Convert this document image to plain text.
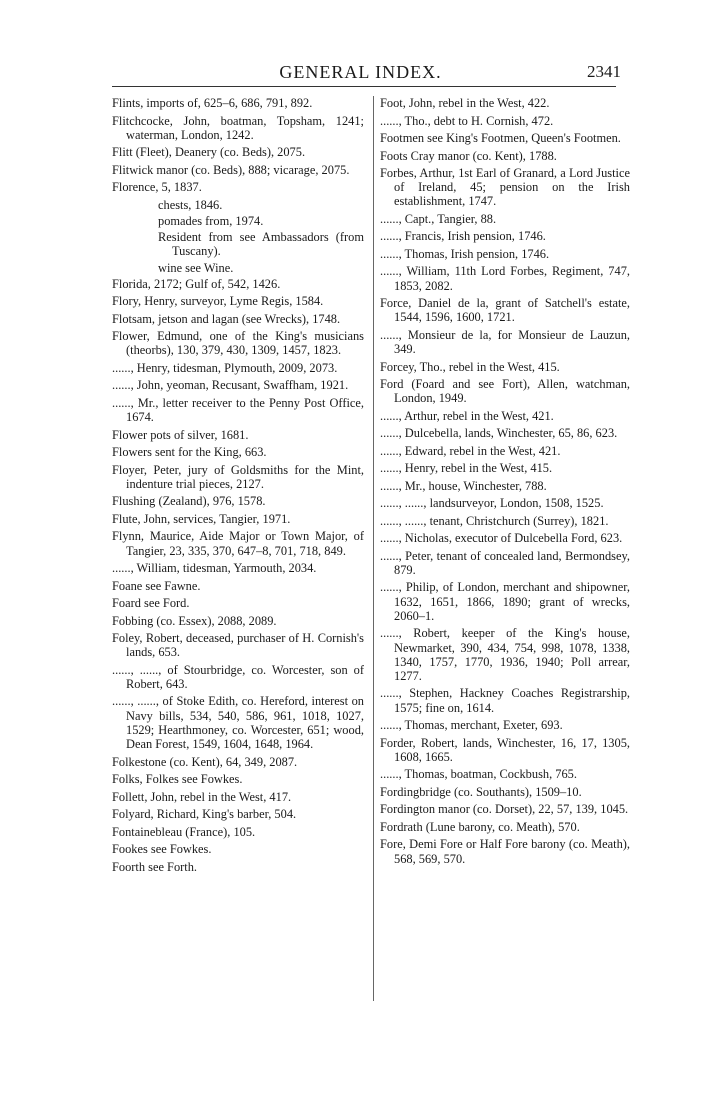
GENERAL INDEX.	2341
Flints, imports of, 625–6, 686, 791, 892.
Flitchcocke, John, boatman, Topsham, 1241; waterman, London, 1242.
Flitt (Fleet), Deanery (co. Beds), 2075.
Flitwick manor (co. Beds), 888; vicarage, 2075.
Florence, 5, 1837.
chests, 1846.
pomades from, 1974.
Resident from see Ambassadors (from Tuscany).
wine see Wine.
Florida, 2172; Gulf of, 542, 1426.
Flory, Henry, surveyor, Lyme Regis, 1584.
Flotsam, jetson and lagan (see Wrecks), 1748.
Flower, Edmund, one of the King's musicians (theorbs), 130, 379, 430, 1309, 1457, 1823.
......, Henry, tidesman, Plymouth, 2009, 2073.
......, John, yeoman, Recusant, Swaffham, 1921.
......, Mr., letter receiver to the Penny Post Office, 1674.
Flower pots of silver, 1681.
Flowers sent for the King, 663.
Floyer, Peter, jury of Goldsmiths for the Mint, indenture trial pieces, 2127.
Flushing (Zealand), 976, 1578.
Flute, John, services, Tangier, 1971.
Flynn, Maurice, Aide Major or Town Major, of Tangier, 23, 335, 370, 647–8, 701, 718, 849.
......, William, tidesman, Yarmouth, 2034.
Foane see Fawne.
Foard see Ford.
Fobbing (co. Essex), 2088, 2089.
Foley, Robert, deceased, purchaser of H. Cornish's lands, 653.
......, ......, of Stourbridge, co. Worcester, son of Robert, 643.
......, ......, of Stoke Edith, co. Hereford, interest on Navy bills, 534, 540, 586, 961, 1018, 1027, 1529; Hearthmoney, co. Worcester, 651; wood, Dean Forest, 1549, 1604, 1648, 1964.
Folkestone (co. Kent), 64, 349, 2087.
Folks, Folkes see Fowkes.
Follett, John, rebel in the West, 417.
Folyard, Richard, King's barber, 504.
Fontainebleau (France), 105.
Fookes see Fowkes.
Foorth see Forth.
Foot, John, rebel in the West, 422.
......, Tho., debt to H. Cornish, 472.
Footmen see King's Footmen, Queen's Footmen.
Foots Cray manor (co. Kent), 1788.
Forbes, Arthur, 1st Earl of Granard, a Lord Justice of Ireland, 45; pension on the Irish establishment, 1747.
......, Capt., Tangier, 88.
......, Francis, Irish pension, 1746.
......, Thomas, Irish pension, 1746.
......, William, 11th Lord Forbes, Regiment, 747, 1853, 2082.
Force, Daniel de la, grant of Satchell's estate, 1544, 1596, 1600, 1721.
......, Monsieur de la, for Monsieur de Lauzun, 349.
Forcey, Tho., rebel in the West, 415.
Ford (Foard and see Fort), Allen, watchman, London, 1949.
......, Arthur, rebel in the West, 421.
......, Dulcebella, lands, Winchester, 65, 86, 623.
......, Edward, rebel in the West, 421.
......, Henry, rebel in the West, 415.
......, Mr., house, Winchester, 788.
......, ......, landsurveyor, London, 1508, 1525.
......, ......, tenant, Christchurch (Surrey), 1821.
......, Nicholas, executor of Dulcebella Ford, 623.
......, Peter, tenant of concealed land, Bermondsey, 879.
......, Philip, of London, merchant and shipowner, 1632, 1651, 1866, 1890; grant of wrecks, 2060–1.
......, Robert, keeper of the King's house, Newmarket, 390, 434, 754, 998, 1078, 1338, 1340, 1757, 1770, 1936, 1940; Poll arrear, 1277.
......, Stephen, Hackney Coaches Registrarship, 1575; fine on, 1614.
......, Thomas, merchant, Exeter, 693.
Forder, Robert, lands, Winchester, 16, 17, 1305, 1608, 1665.
......, Thomas, boatman, Cockbush, 765.
Fordingbridge (co. Southants), 1509–10.
Fordington manor (co. Dorset), 22, 57, 139, 1045.
Fordrath (Lune barony, co. Meath), 570.
Fore, Demi Fore or Half Fore barony (co. Meath), 568, 569, 570.
